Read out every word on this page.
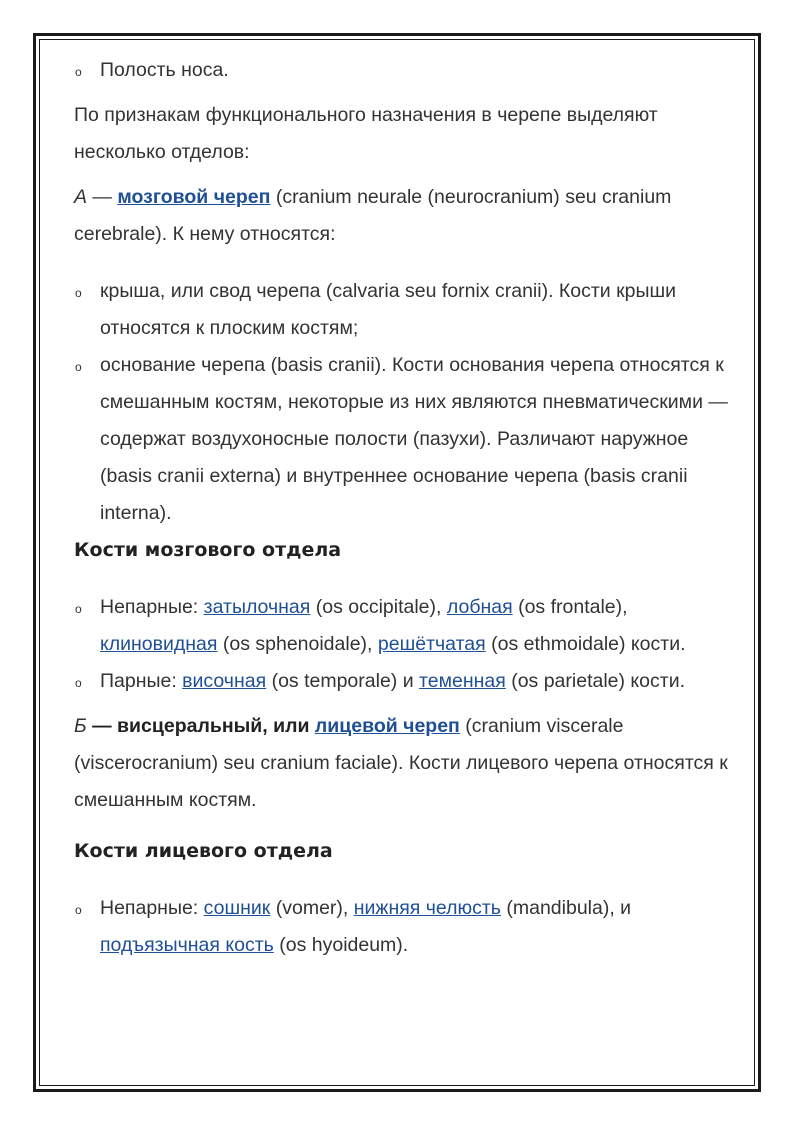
o Полость носа.

По признакам функционального назначения в черепе выделяют несколько отделов:

А — мозговой череп (cranium neurale (neurocranium) seu cranium cerebrale). К нему относятся:

o крыша, или свод черепа (calvaria seu fornix cranii). Кости крыши относятся к плоским костям;
o основание черепа (basis cranii). Кости основания черепа относятся к смешанным костям, некоторые из них являются пневматическими — содержат воздухоносные полости (пазухи). Различают наружное (basis cranii externa) и внутреннее основание черепа (basis cranii interna).
Кости мозгового отдела
o Непарные: затылочная (os occipitale), лобная (os frontale), клиновидная (os sphenoidale), решётчатая (os ethmoidale) кости.
o Парные: височная (os temporale) и теменная (os parietale) кости.

Б — висцеральный, или лицевой череп (cranium viscerale (viscerocranium) seu cranium faciale). Кости лицевого черепа относятся к смешанным костям.

Кости лицевого отдела
o Непарные: сошник (vomer), нижняя челюсть (mandibula), и подъязычная кость (os hyoideum).
